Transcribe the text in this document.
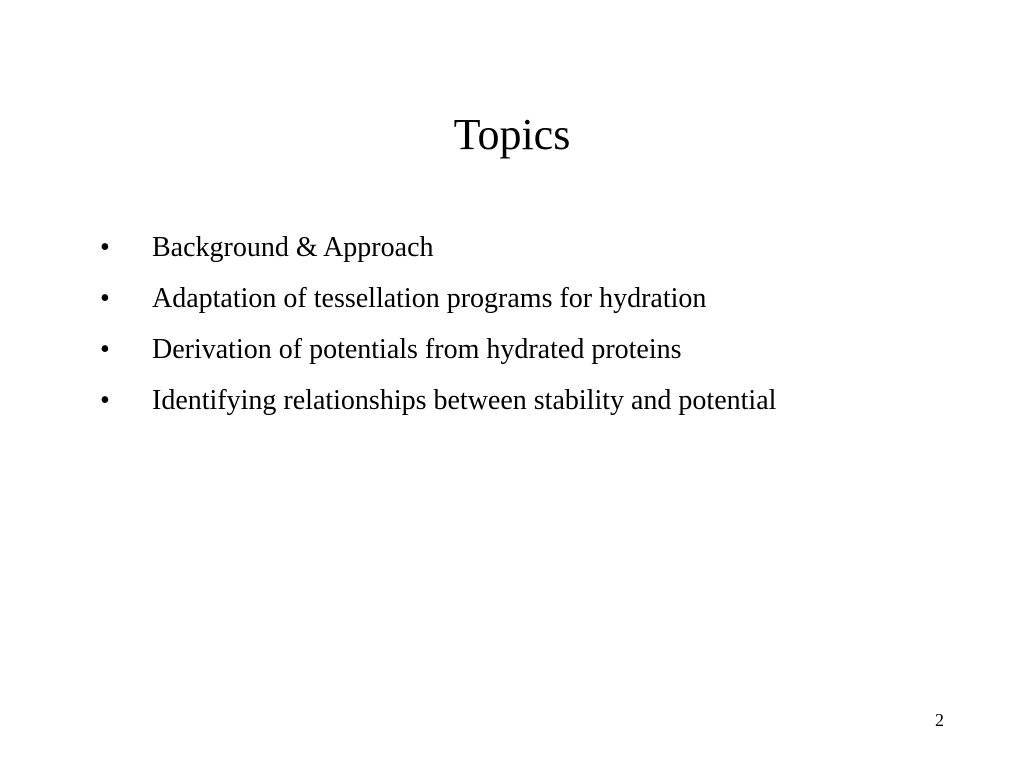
Topics
• Background & Approach
• Adaptation of tessellation programs for hydration
• Derivation of potentials from hydrated proteins
• Identifying relationships between stability and potential
2
